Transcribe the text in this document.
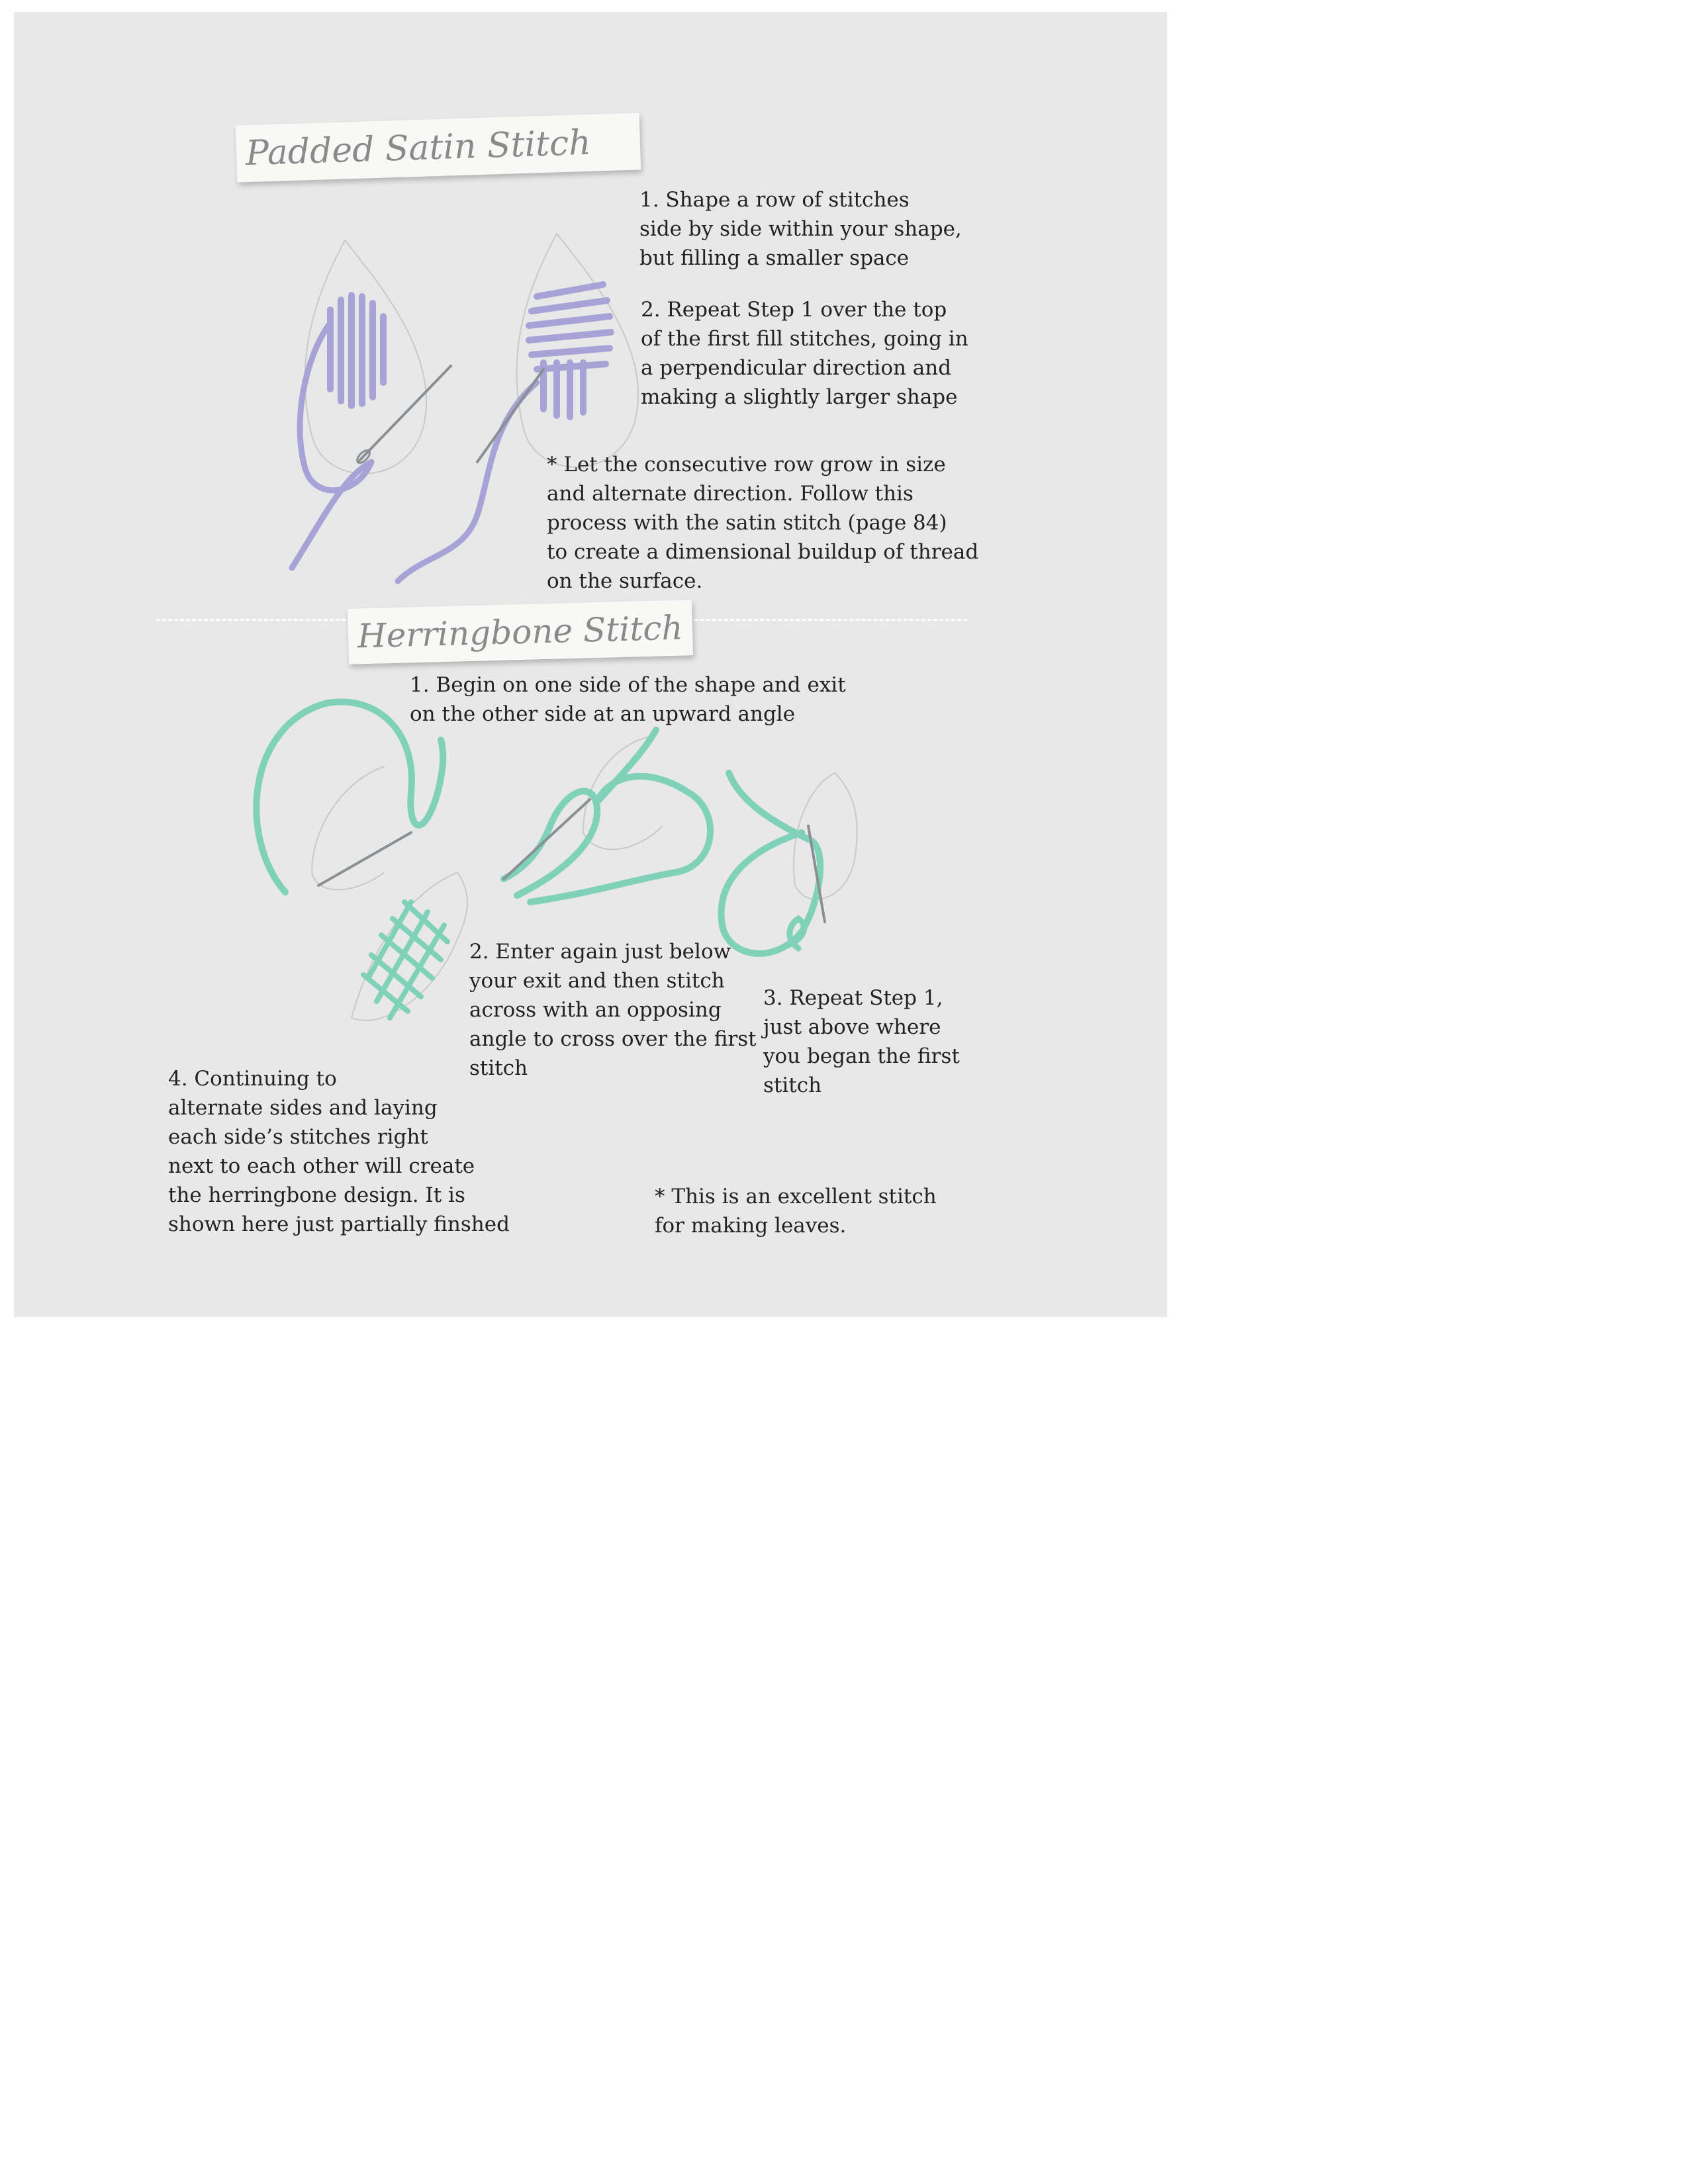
Padded Satin Stitch

1. Shape a row of stitches
side by side within your shape,
but filling a smaller space

2. Repeat Step 1 over the top
of the first fill stitches, going in
a perpendicular direction and
making a slightly larger shape

* Let the consecutive row grow in size
and alternate direction. Follow this
process with the satin stitch (page 84)
to create a dimensional buildup of thread
on the surface.

Herringbone Stitch

1. Begin on one side of the shape and exit
on the other side at an upward angle

2. Enter again just below
your exit and then stitch
across with an opposing
angle to cross over the first
stitch

3. Repeat Step 1,
just above where
you began the first
stitch

4. Continuing to
alternate sides and laying
each side’s stitches right
next to each other will create
the herringbone design. It is
shown here just partially finshed

* This is an excellent stitch
for making leaves.
